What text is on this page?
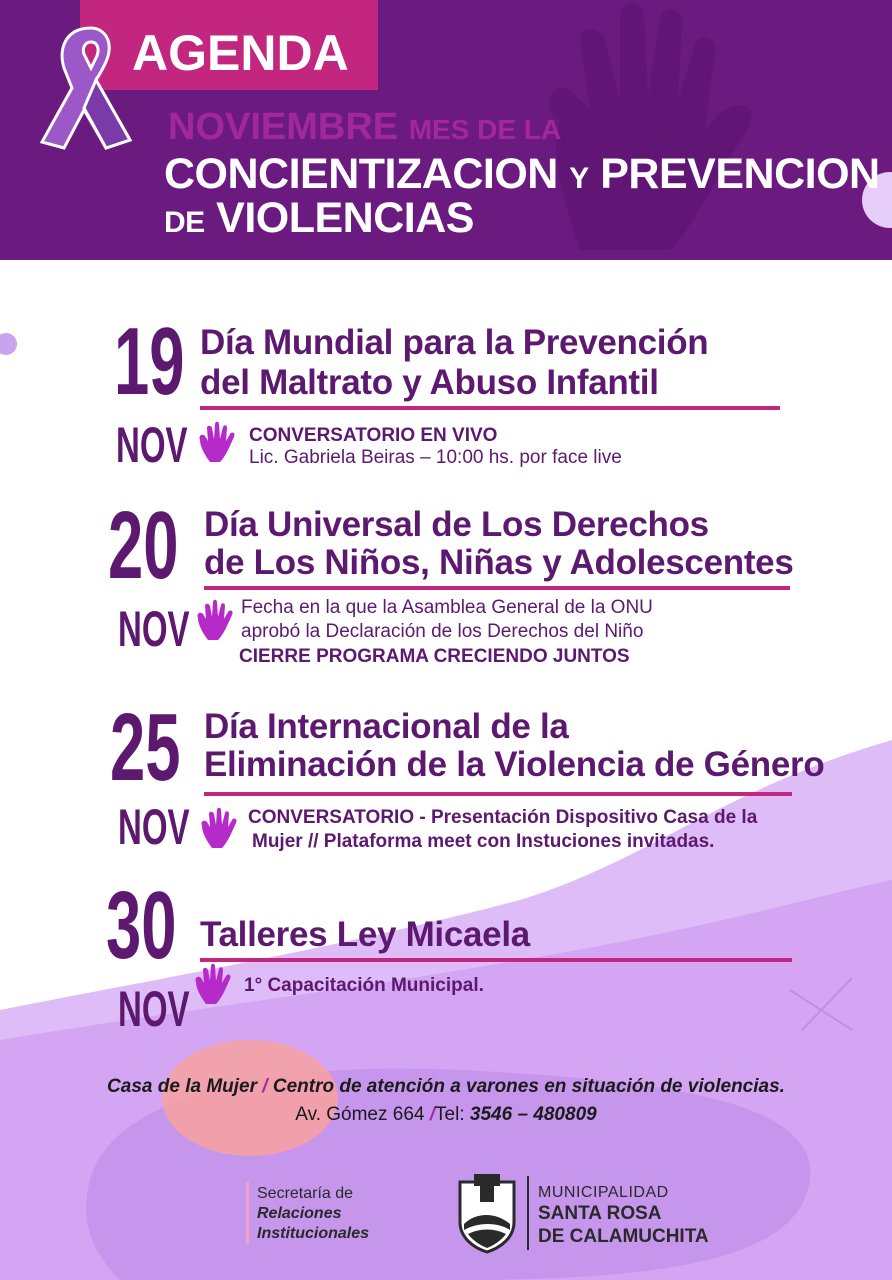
AGENDA
NOVIEMBRE MES DE LA
CONCIENTIZACION Y PREVENCION
DE VIOLENCIAS
19
NOV
Día Mundial para la Prevención
del Maltrato y Abuso Infantil
CONVERSATORIO EN VIVO
Lic. Gabriela Beiras – 10:00 hs. por face live
20
NOV
Día Universal de Los Derechos
de Los Niños, Niñas y Adolescentes
Fecha en la que la Asamblea General de la ONU
aprobó la Declaración de los Derechos del Niño
CIERRE PROGRAMA CRECIENDO JUNTOS
25
NOV
Día Internacional de la
Eliminación de la Violencia de Género
CONVERSATORIO - Presentación Dispositivo Casa de la
Mujer // Plataforma meet con Instuciones invitadas.
30
NOV
Talleres Ley Micaela
1° Capacitación Municipal.
Casa de la Mujer / Centro de atención a varones en situación de violencias.
Av. Gómez 664 /Tel: 3546 – 480809
Secretaría de
Relaciones
Institucionales
MUNICIPALIDAD
SANTA ROSA
DE CALAMUCHITA
